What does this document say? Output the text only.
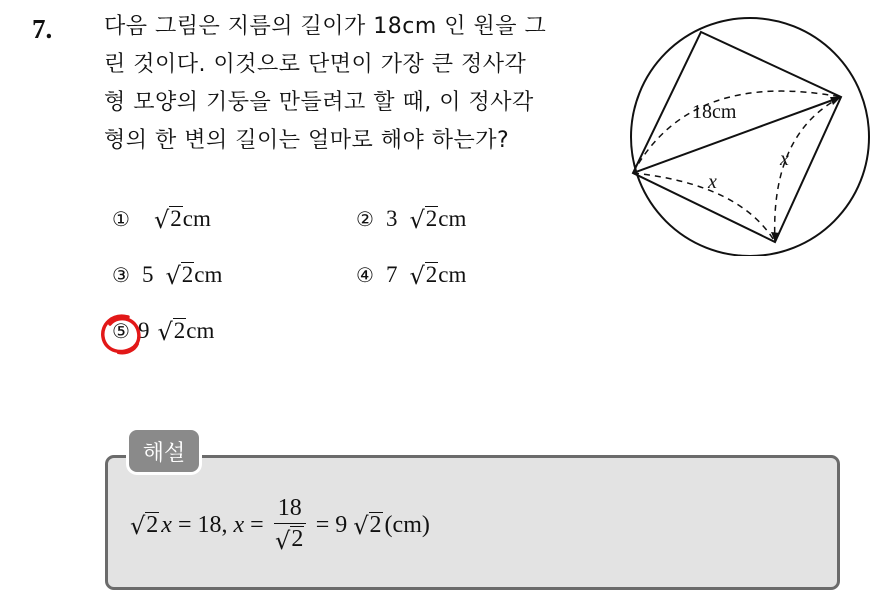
7. 다음 그림은 지름의 길이가 18cm 인 원을 그
린 것이다. 이것으로 단면이 가장 큰 정사각
형 모양의 기둥을 만들려고 할 때, 이 정사각
형의 한 변의 길이는 얼마로 해야 하는가?
18cm
x
x
① √ 2 cm	② 3 √ 2 cm
③ 5 √ 2 cm	④ 7 √ 2 cm
⑤ 9 √ 2 cm
해설
√ 2 x = 18, $x = \frac{18}{√ 2} = 9$ √ 2 (cm)
